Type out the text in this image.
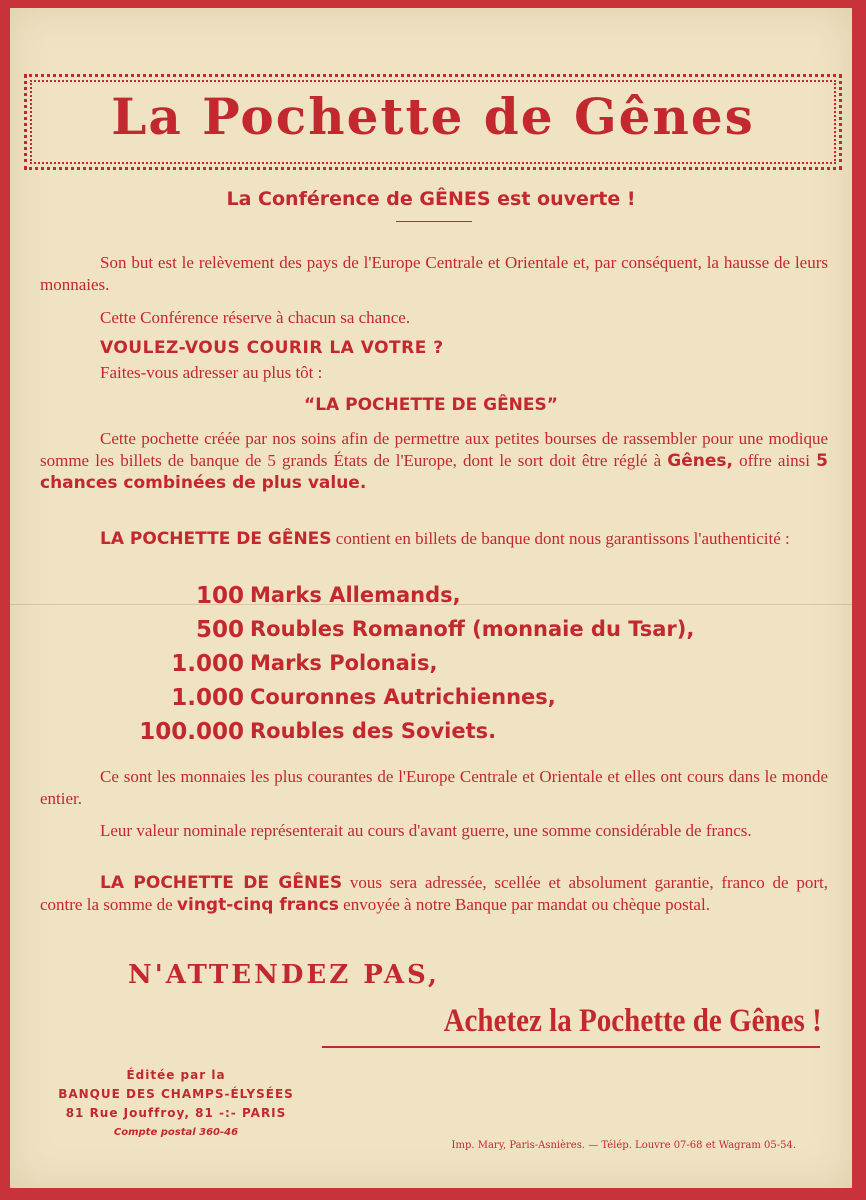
La Pochette de Gênes
La Conférence de GÊNES est ouverte !

Son but est le relèvement des pays de l'Europe Centrale et Orientale et, par conséquent, la hausse de leurs monnaies.

Cette Conférence réserve à chacun sa chance.
VOULEZ-VOUS COURIR LA VOTRE ?
Faites-vous adresser au plus tôt :
“LA POCHETTE DE GÊNES”

Cette pochette créée par nos soins afin de permettre aux petites bourses de rassembler pour une modique somme les billets de banque de 5 grands États de l'Europe, dont le sort doit être réglé à Gênes, offre ainsi 5 chances combinées de plus value.

LA POCHETTE DE GÊNES contient en billets de banque dont nous garantissons l'authenticité :

100 Marks Allemands,
500 Roubles Romanoff (monnaie du Tsar),
1.000 Marks Polonais,
1.000 Couronnes Autrichiennes,
100.000 Roubles des Soviets.

Ce sont les monnaies les plus courantes de l'Europe Centrale et Orientale et elles ont cours dans le monde entier.

Leur valeur nominale représenterait au cours d'avant guerre, une somme considérable de francs.

LA POCHETTE DE GÊNES vous sera adressée, scellée et absolument garantie, franco de port, contre la somme de vingt-cinq francs envoyée à notre Banque par mandat ou chèque postal.

N'ATTENDEZ PAS,
Achetez la Pochette de Gênes !
Éditée par la
BANQUE DES CHAMPS-ÉLYSÉES
81 Rue Jouffroy, 81 -:- PARIS
Compte postal 360-46
Imp. Mary, Paris-Asnières. — Télép. Louvre 07-68 et Wagram 05-54.
